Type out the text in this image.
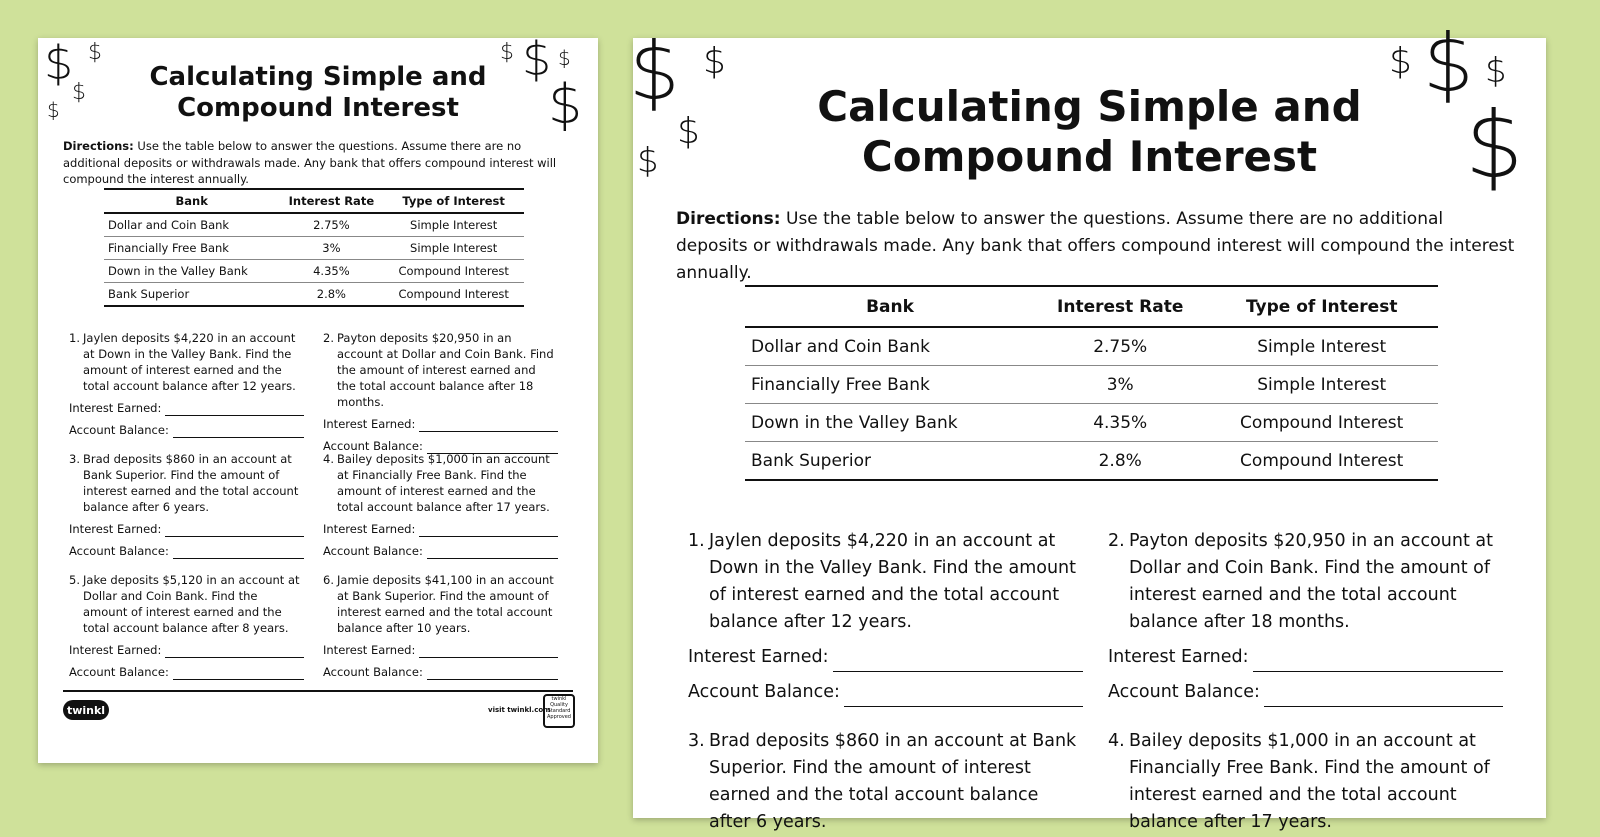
$ $
$
$
$ $ $
$
Calculating Simple and
Compound Interest
Directions: Use the table below to answer the questions. Assume there are no additional deposits or withdrawals made. Any bank that offers compound interest will compound the interest annually.
Bank	Interest Rate	Type of Interest
Dollar and Coin Bank	2.75%	Simple Interest
Financially Free Bank	3%	Simple Interest
Down in the Valley Bank	4.35%	Compound Interest
Bank Superior	2.8%	Compound Interest
1. Jaylen deposits $4,220 in an account at Down in the Valley Bank. Find the amount of interest earned and the total account balance after 12 years.
Interest Earned:
Account Balance:
2. Payton deposits $20,950 in an account at Dollar and Coin Bank. Find the amount of interest earned and the total account balance after 18 months.
Interest Earned:
Account Balance:
3. Brad deposits $860 in an account at Bank Superior. Find the amount of interest earned and the total account balance after 6 years.
Interest Earned:
Account Balance:
4. Bailey deposits $1,000 in an account at Financially Free Bank. Find the amount of interest earned and the total account balance after 17 years.
Interest Earned:
Account Balance:
5. Jake deposits $5,120 in an account at Dollar and Coin Bank. Find the amount of interest earned and the total account balance after 8 years.
Interest Earned:
Account Balance:
6. Jamie deposits $41,100 in an account at Bank Superior. Find the amount of interest earned and the total account balance after 10 years.
Interest Earned:
Account Balance:
twinkl	visit twinkl.com
twinkl Quality Standard Approved
$ $
$
$
$ $ $
$
Calculating Simple and
Compound Interest
Directions: Use the table below to answer the questions. Assume there are no additional deposits or withdrawals made. Any bank that offers compound interest will compound the interest annually.
Bank	Interest Rate	Type of Interest
Dollar and Coin Bank	2.75%	Simple Interest
Financially Free Bank	3%	Simple Interest
Down in the Valley Bank	4.35%	Compound Interest
Bank Superior	2.8%	Compound Interest
1. Jaylen deposits $4,220 in an account at Down in the Valley Bank. Find the amount of interest earned and the total account balance after 12 years.
Interest Earned:
Account Balance:
2. Payton deposits $20,950 in an account at Dollar and Coin Bank. Find the amount of interest earned and the total account balance after 18 months.
Interest Earned:
Account Balance:
3. Brad deposits $860 in an account at Bank Superior. Find the amount of interest earned and the total account balance after 6 years.
4. Bailey deposits $1,000 in an account at Financially Free Bank. Find the amount of interest earned and the total account balance after 17 years.
